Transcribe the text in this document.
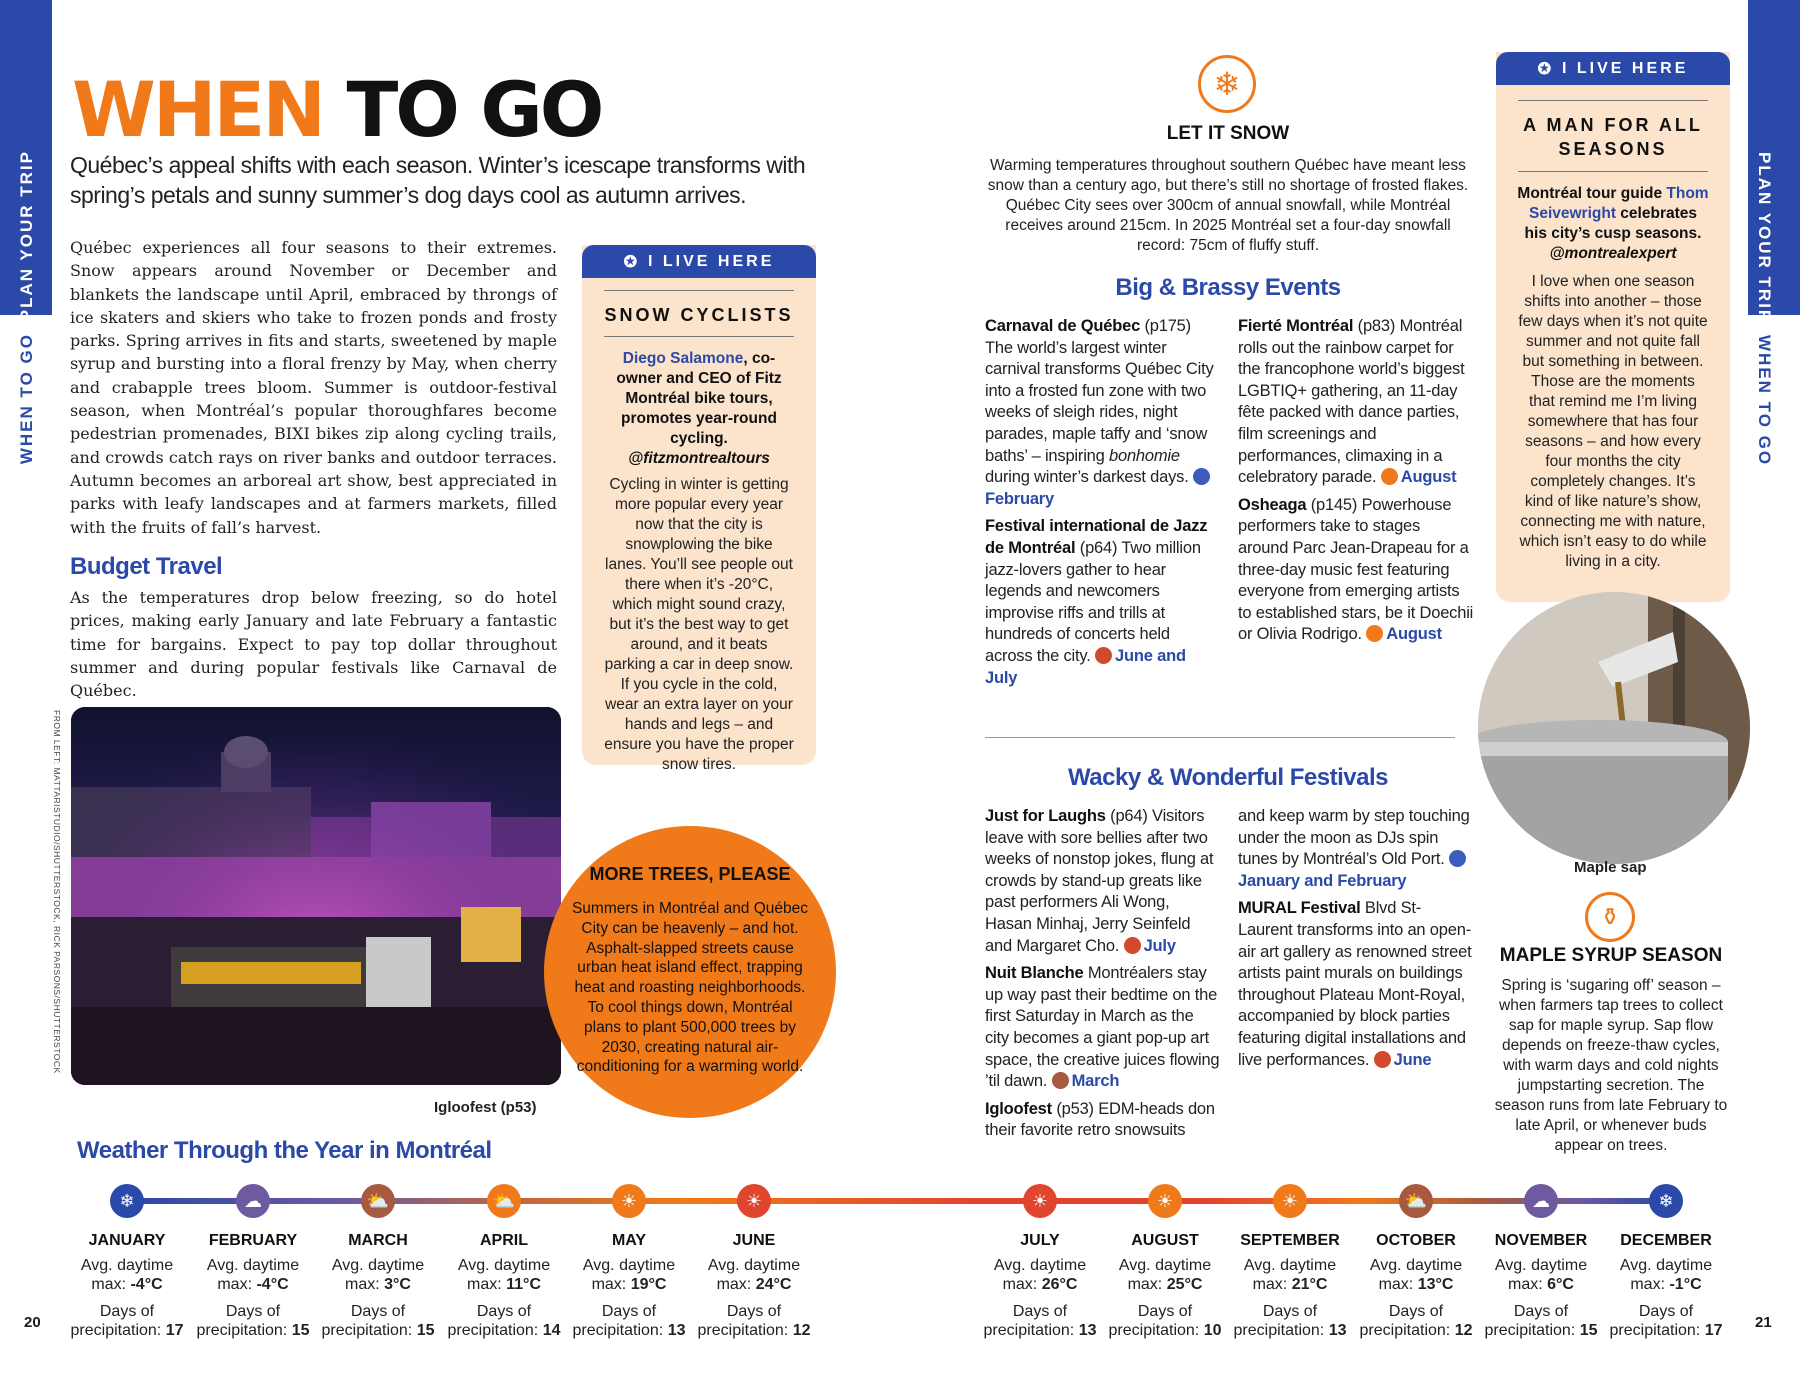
PLAN YOUR TRIP
WHEN TO GO
PLAN YOUR TRIP
WHEN TO GO
20	21
WHEN TO GO
Québec’s appeal shifts with each season. Winter’s icescape transforms with spring’s petals and sunny summer’s dog days cool as autumn arrives.
Québec experiences all four seasons to their extremes. Snow appears around November or December and blankets the landscape until April, embraced by throngs of ice skaters and skiers who take to frozen ponds and frosty parks. Spring arrives in fits and starts, sweetened by maple syrup and bursting into a floral frenzy by May, when cherry and crabapple trees bloom. Summer is outdoor-festival season, when Montréal’s popular thoroughfares become pedestrian promenades, BIXI bikes zip along cycling trails, and crowds catch rays on river banks and outdoor terraces. Autumn becomes an arboreal art show, best appreciated in parks with leafy landscapes and at farmers markets, filled with the fruits of fall’s harvest.
Budget Travel
As the temperatures drop below freezing, so do hotel prices, making early January and late February a fantastic time for bargains. Expect to pay top dollar throughout summer and during popular festivals like Carnaval de Québec.
FROM LEFT: MATTARISTUDIO/SHUTTERSTOCK, RICK PARSONS/SHUTTERSTOCK
Igloofest (p53)
✪ I LIVE HERE
SNOW CYCLISTS
Diego Salamone, co-owner and CEO of Fitz Montréal bike tours, promotes year-round cycling.
@fitzmontrealtours
Cycling in winter is getting more popular every year now that the city is snowplowing the bike lanes. You’ll see people out there when it’s -20°C, which might sound crazy, but it’s the best way to get around, and it beats parking a car in deep snow. If you cycle in the cold, wear an extra layer on your hands and legs – and ensure you have the proper snow tires.
MORE TREES, PLEASE
Summers in Montréal and Québec City can be heavenly – and hot. Asphalt-slapped streets cause urban heat island effect, trapping heat and roasting neighborhoods. To cool things down, Montréal plans to plant 500,000 trees by 2030, creating natural air-conditioning for a warming world.
❄
LET IT SNOW
Warming temperatures throughout southern Québec have meant less snow than a century ago, but there’s still no shortage of frosted flakes. Québec City sees over 300cm of annual snowfall, while Montréal receives around 215cm. In 2025 Montréal set a four-day snowfall record: 75cm of fluffy stuff.
Big & Brassy Events

Carnaval de Québec (p175) The world’s largest winter carnival transforms Québec City into a frosted fun zone with two weeks of sleigh rides, night parades, maple taffy and ‘snow baths’ – inspiring bonhomie during winter’s darkest days. February

Festival international de Jazz de Montréal (p64) Two million jazz-lovers gather to hear legends and newcomers improvise riffs and trills at hundreds of concerts held across the city. June and July

Fierté Montréal (p83) Montréal rolls out the rainbow carpet for the francophone world’s biggest LGBTIQ+ gathering, an 11-day fête packed with dance parties, film screenings and performances, climaxing in a celebratory parade. August

Osheaga (p145) Powerhouse performers take to stages around Parc Jean-Drapeau for a three-day music fest featuring everyone from emerging artists to established stars, be it Doechii or Olivia Rodrigo. August

Wacky & Wonderful Festivals

Just for Laughs (p64) Visitors leave with sore bellies after two weeks of nonstop jokes, flung at crowds by stand-up greats like past performers Ali Wong, Hasan Minhaj, Jerry Seinfeld and Margaret Cho. July

Nuit Blanche Montréalers stay up way past their bedtime on the first Saturday in March as the city becomes a giant pop-up art space, the creative juices flowing ’til dawn. March

Igloofest (p53) EDM-heads don their favorite retro snowsuits

and keep warm by step touching under the moon as DJs spin tunes by Montréal’s Old Port. January and February

MURAL Festival Blvd St-Laurent transforms into an open-air art gallery as renowned street artists paint murals on buildings throughout Plateau Mont-Royal, accompanied by block parties featuring digital installations and live performances. June

✪ I LIVE HERE
A MAN FOR ALL SEASONS
Montréal tour guide Thom Seivewright celebrates his city’s cusp seasons.
@montrealexpert
I love when one season shifts into another – those few days when it’s not quite summer and not quite fall but something in between. Those are the moments that remind me I’m living somewhere that has four seasons – and how every four months the city completely changes. It’s kind of like nature’s show, connecting me with nature, which isn’t easy to do while living in a city.
Maple sap
⚱
MAPLE SYRUP SEASON
Spring is ‘sugaring off’ season – when farmers tap trees to collect sap for maple syrup. Sap flow depends on freeze-thaw cycles, with warm days and cold nights jumpstarting secretion. The season runs from late February to late April, or whenever buds appear on trees.
Weather Through the Year in Montréal
❄
JANUARY
Avg. daytime max: -4°C
Days of precipitation: 17
☁
FEBRUARY
Avg. daytime max: -4°C
Days of precipitation: 15
⛅
MARCH
Avg. daytime max: 3°C
Days of precipitation: 15
⛅
APRIL
Avg. daytime max: 11°C
Days of precipitation: 14
☀
MAY
Avg. daytime max: 19°C
Days of precipitation: 13
☀
JUNE
Avg. daytime max: 24°C
Days of precipitation: 12
☀
JULY
Avg. daytime max: 26°C
Days of precipitation: 13
☀
AUGUST
Avg. daytime max: 25°C
Days of precipitation: 10
☀
SEPTEMBER
Avg. daytime max: 21°C
Days of precipitation: 13
⛅
OCTOBER
Avg. daytime max: 13°C
Days of precipitation: 12
☁
NOVEMBER
Avg. daytime max: 6°C
Days of precipitation: 15
❄
DECEMBER
Avg. daytime max: -1°C
Days of precipitation: 17
